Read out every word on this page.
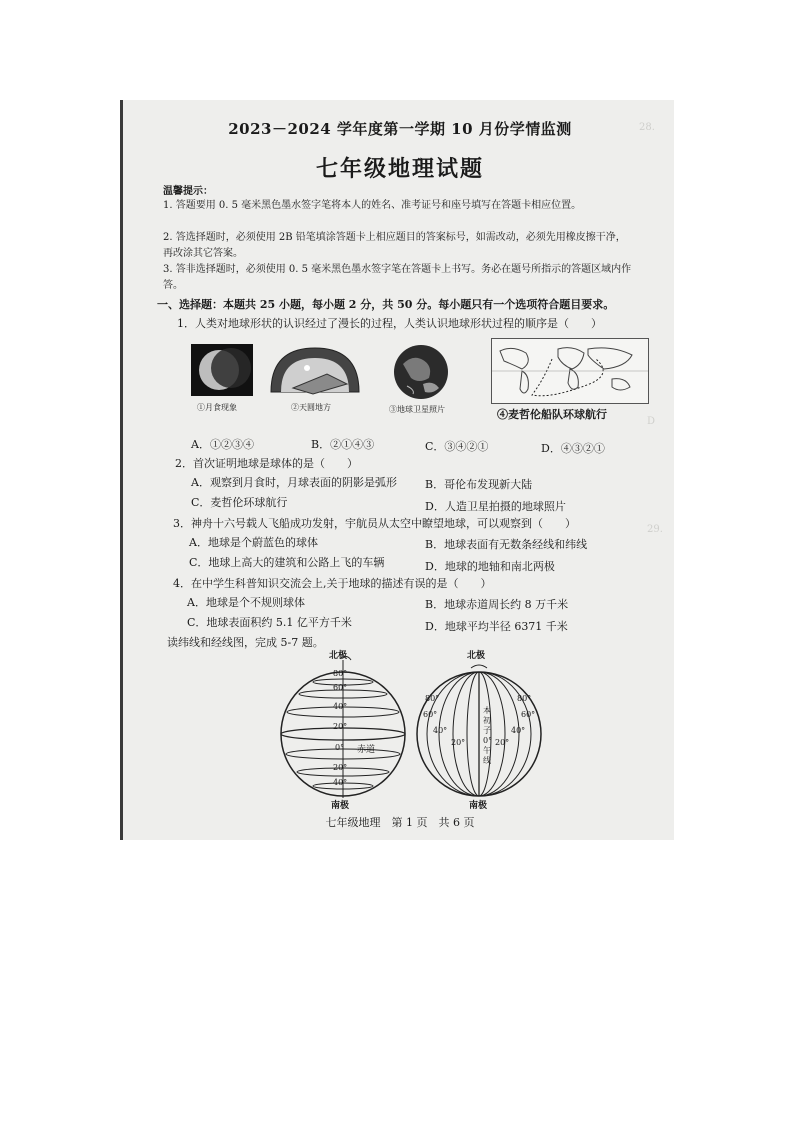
28.
D
29.
2023－2024 学年度第一学期 10 月份学情监测
七年级地理试题
温馨提示：
1. 答题要用 0. 5 毫米黑色墨水签字笔将本人的姓名、准考证号和座号填写在答题卡相应位置。
2. 答选择题时，必须使用 2B 铅笔填涂答题卡上相应题目的答案标号，如需改动，必须先用橡皮擦干净，再改涂其它答案。
3. 答非选择题时，必须使用 0. 5 毫米黑色墨水签字笔在答题卡上书写。务必在题号所指示的答题区域内作答。
一、选择题：本题共 25 小题，每小题 2 分，共 50 分。每小题只有一个选项符合题目要求。
1．人类对地球形状的认识经过了漫长的过程，人类认识地球形状过程的顺序是（　　）
①月食现象	②天圆地方	③地球卫星照片	④麦哲伦船队环球航行
A．①②③④	B．②①④③	C．③④②①	D．④③②①
2．首次证明地球是球体的是（　　）
A．观察到月食时，月球表面的阴影是弧形	B．哥伦布发现新大陆
C．麦哲伦环球航行	D．人造卫星拍摄的地球照片
3．神舟十六号载人飞船成功发射，宇航员从太空中瞭望地球，可以观察到（　　）
A．地球是个蔚蓝色的球体	B．地球表面有无数条经线和纬线
C．地球上高大的建筑和公路上飞的车辆	D．地球的地轴和南北两极
4．在中学生科普知识交流会上,关于地球的描述有误的是（　　）
A．地球是个不规则球体	B．地球赤道周长约 8 万千米
C．地球表面积约 5.1 亿平方千米	D．地球平均半径 6371 千米
读纬线和经线图，完成 5-7 题。
北极
80°
60°
40°
20°
0° 赤道
20°
40°
南极
北极
80°
60°
40°
20°
80°
60°
40°
20°
本
初
子
0°
午
线
南极
七年级地理　第 1 页　共 6 页
